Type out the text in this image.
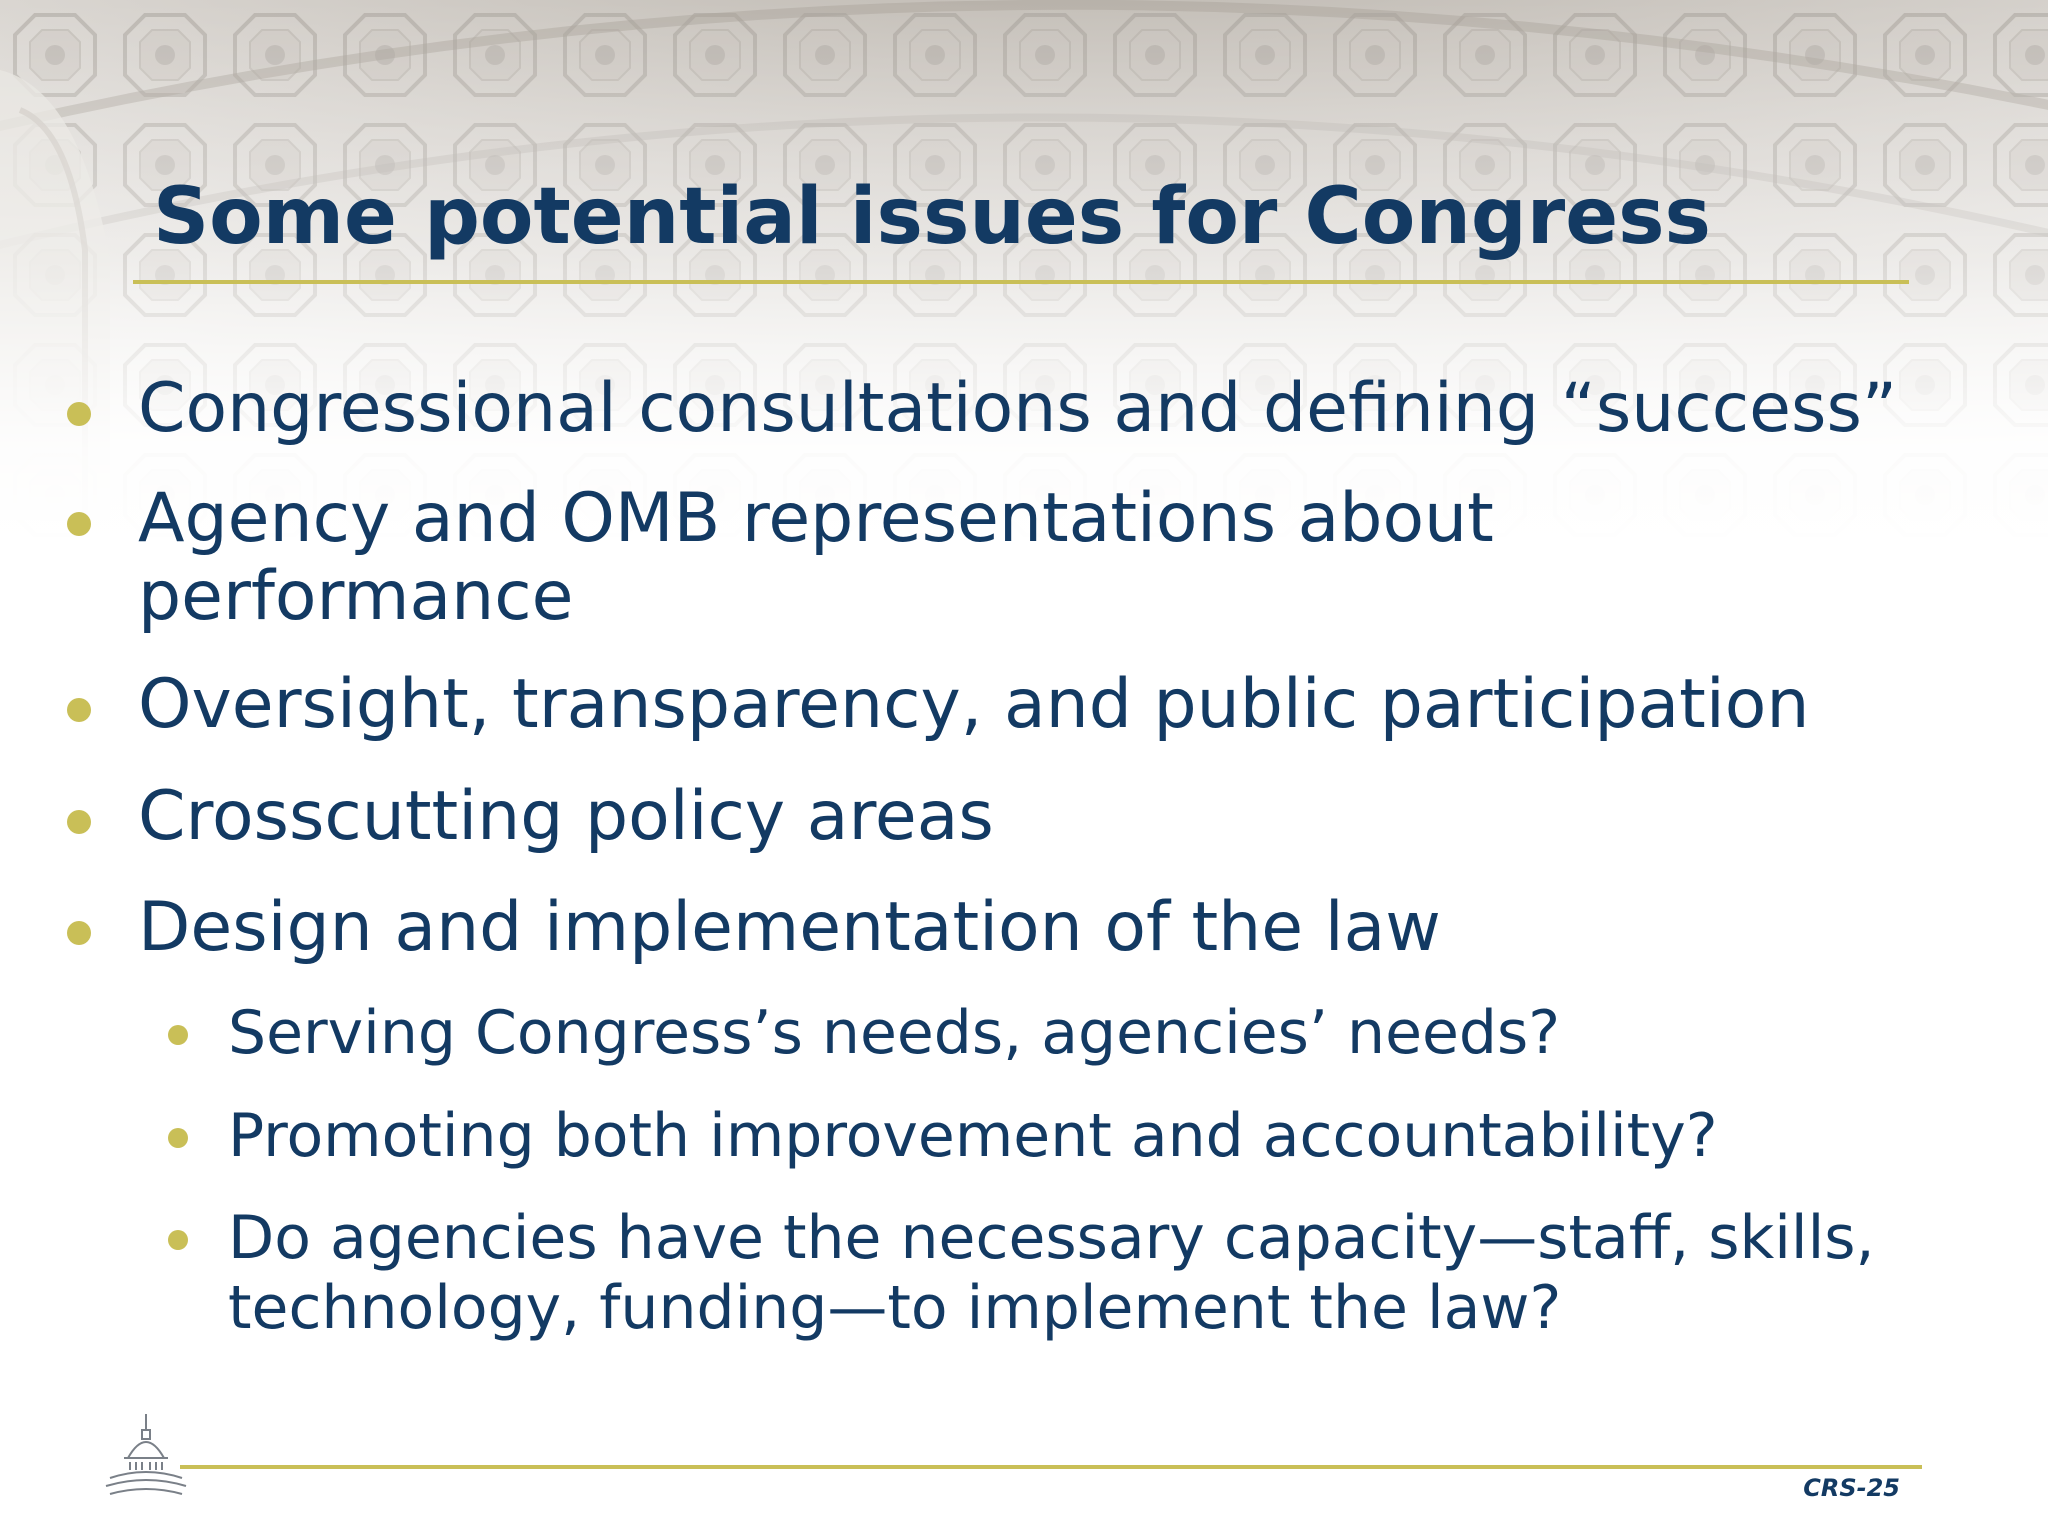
Some potential issues for Congress
Congressional consultations and defining “success”
Agency and OMB representations about
performance
Oversight, transparency, and public participation
Crosscutting policy areas
Design and implementation of the law
Serving Congress’s needs, agencies’ needs?
Promoting both improvement and accountability?
Do agencies have the necessary capacity—staff, skills,
technology, funding—to implement the law?
CRS-25
